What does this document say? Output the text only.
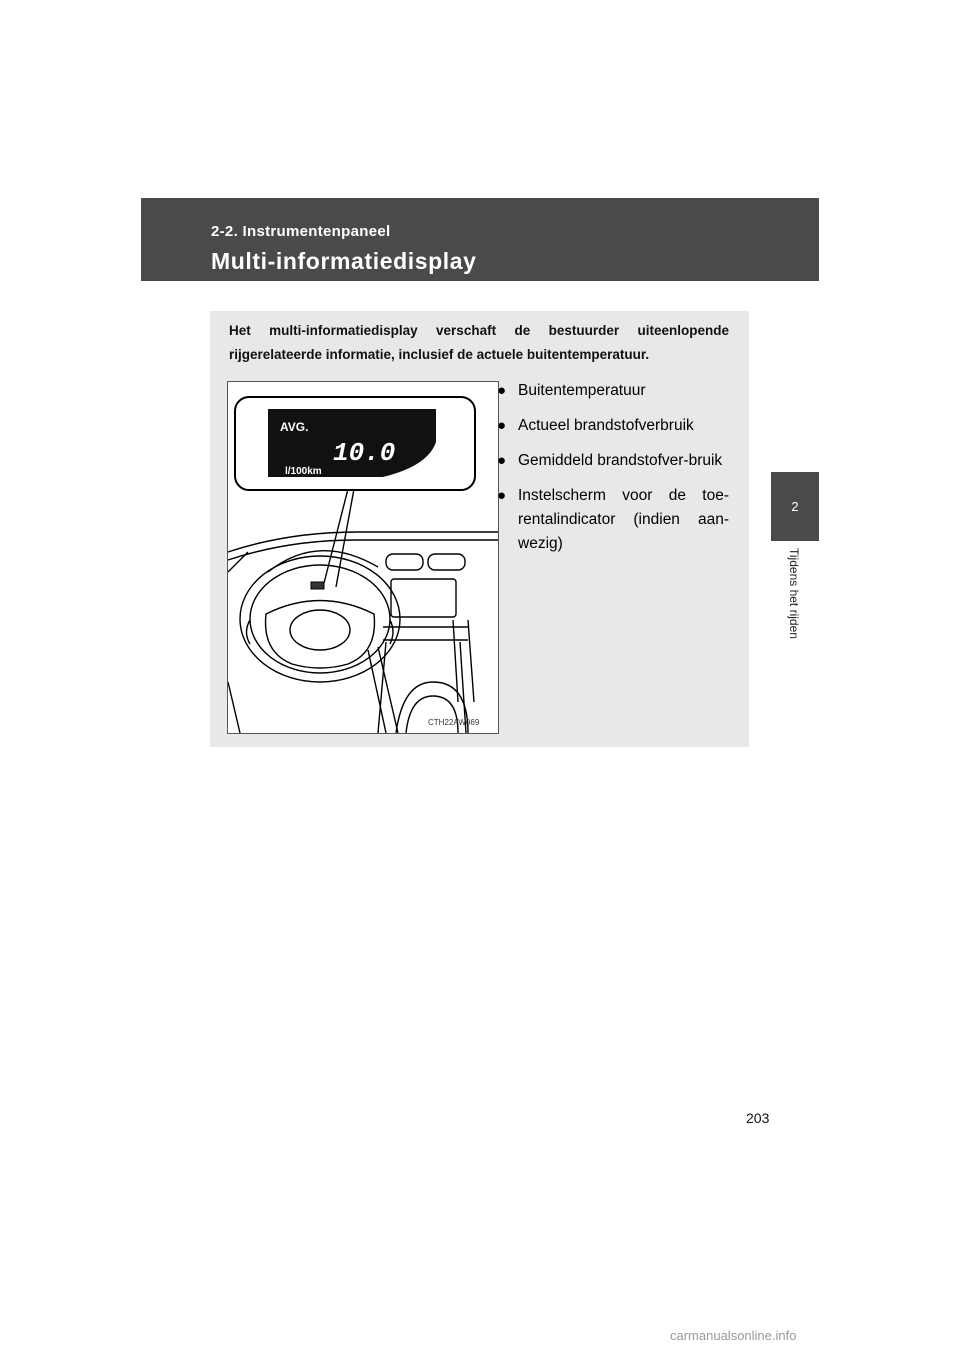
2-2. Instrumentenpaneel
Multi-informatiedisplay
2
Tijdens het rijden
Het multi-informatiedisplay verschaft de bestuurder uiteenlopende rijgerelateerde informatie, inclusief de actuele buitentemperatuur.
AVG.
10.0
l/100km
CTH22AW069
● Buitentemperatuur
● Actueel brandstofverbruik
● Gemiddeld brandstofver-bruik
● Instelscherm voor de toe-rentalindicator (indien aan-wezig)
203
carmanualsonline.info
